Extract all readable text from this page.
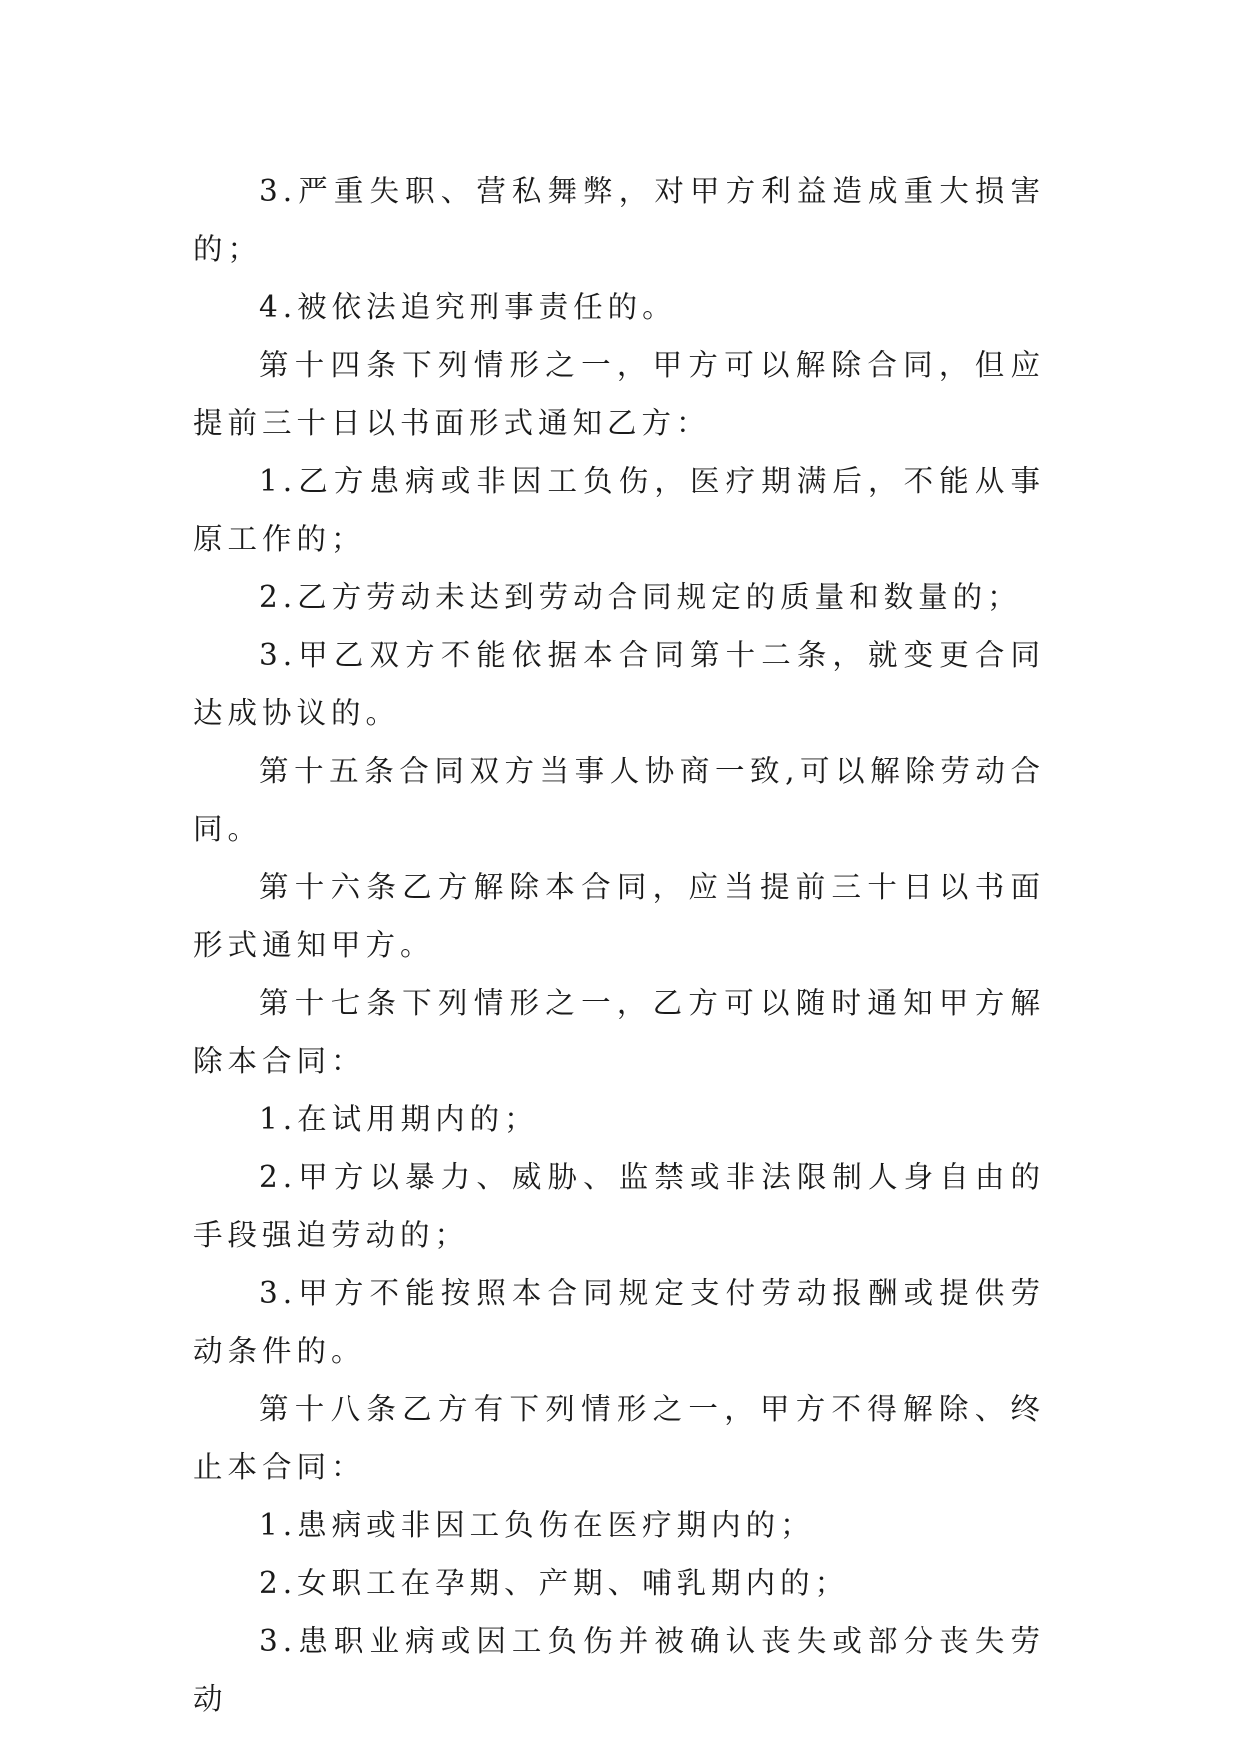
3.严重失职、营私舞弊，对甲方利益造成重大损害的；

4.被依法追究刑事责任的。

第十四条下列情形之一，甲方可以解除合同，但应提前三十日以书面形式通知乙方：

1.乙方患病或非因工负伤，医疗期满后，不能从事原工作的；

2.乙方劳动未达到劳动合同规定的质量和数量的；

3.甲乙双方不能依据本合同第十二条，就变更合同达成协议的。

第十五条合同双方当事人协商一致,可以解除劳动合同。

第十六条乙方解除本合同，应当提前三十日以书面形式通知甲方。

第十七条下列情形之一，乙方可以随时通知甲方解除本合同：

1.在试用期内的；

2.甲方以暴力、威胁、监禁或非法限制人身自由的手段强迫劳动的；

3.甲方不能按照本合同规定支付劳动报酬或提供劳动条件的。

第十八条乙方有下列情形之一，甲方不得解除、终止本合同：

1.患病或非因工负伤在医疗期内的；

2.女职工在孕期、产期、哺乳期内的；

3.患职业病或因工负伤并被确认丧失或部分丧失劳动
